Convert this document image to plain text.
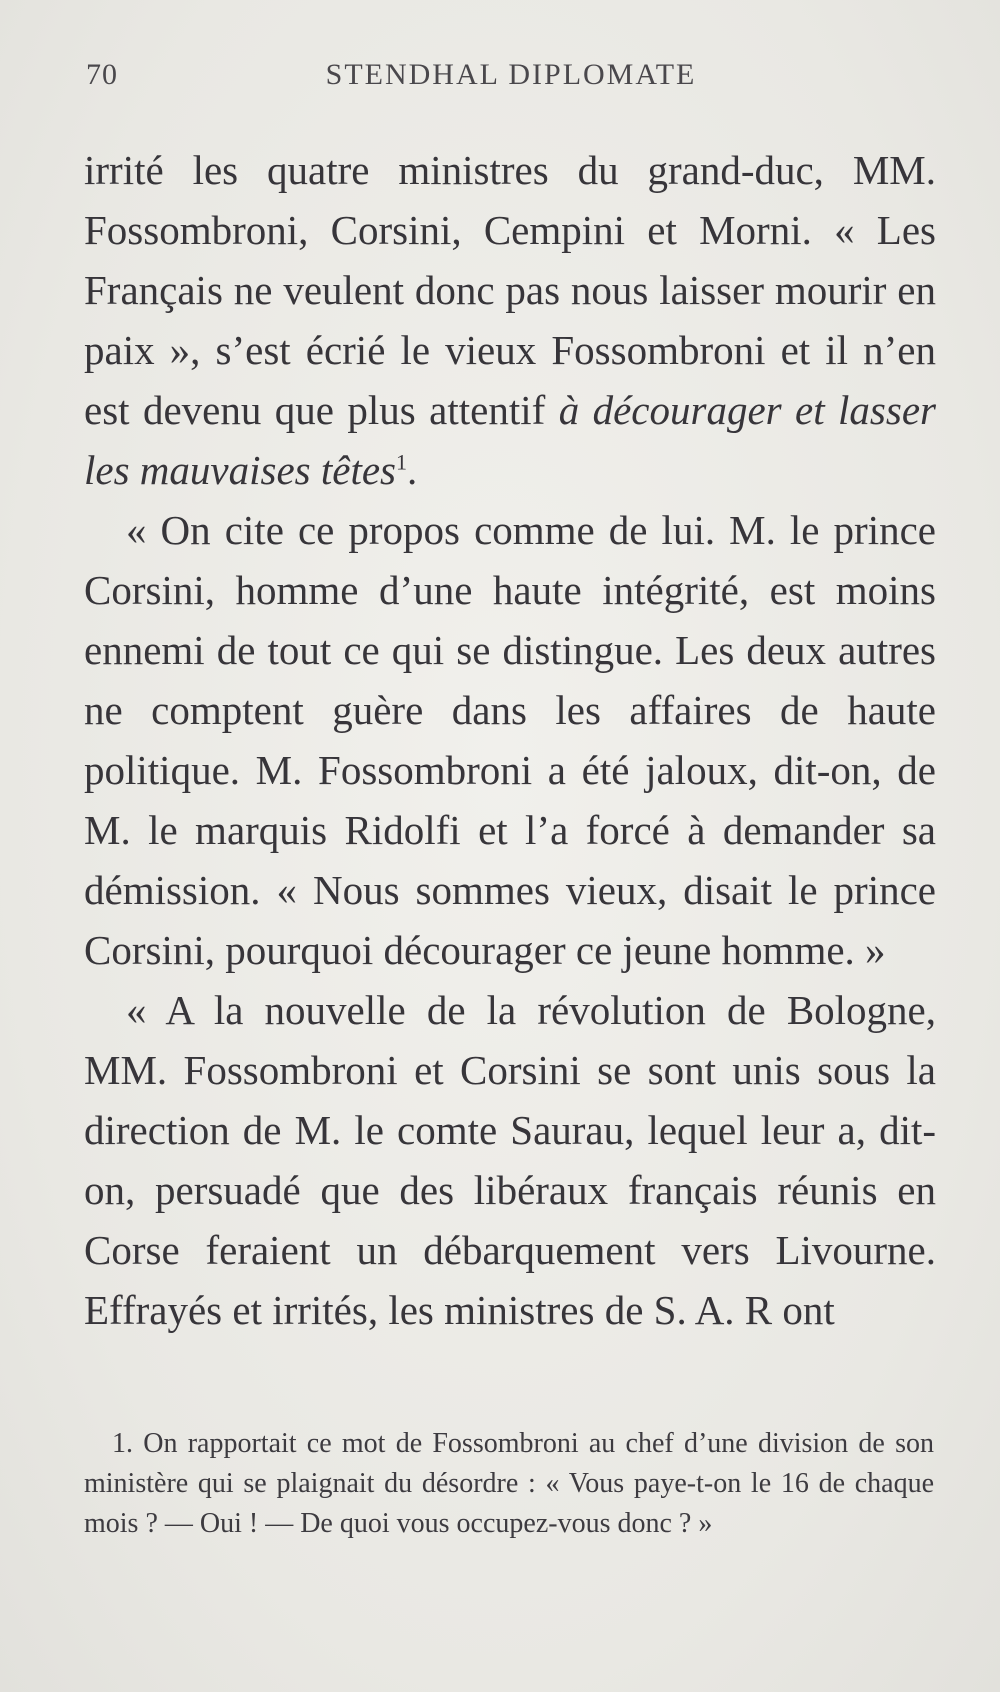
70	STENDHAL DIPLOMATE

irrité les quatre ministres du grand-duc, MM. Fossombroni, Corsini, Cempini et Morni. « Les Français ne veulent donc pas nous laisser mourir en paix », s’est écrié le vieux Fossombroni et il n’en est devenu que plus attentif à décourager et lasser les mauvaises têtes$^1$.

« On cite ce propos comme de lui. M. le prince Corsini, homme d’une haute intégrité, est moins ennemi de tout ce qui se distingue. Les deux autres ne comptent guère dans les affaires de haute politique. M. Fossombroni a été jaloux, dit-on, de M. le marquis Ridolfi et l’a forcé à demander sa démission. « Nous sommes vieux, disait le prince Corsini, pourquoi décourager ce jeune homme. »

« A la nouvelle de la révolution de Bologne, MM. Fossombroni et Corsini se sont unis sous la direction de M. le comte Saurau, lequel leur a, dit-on, persuadé que des libéraux français réunis en Corse feraient un débarquement vers Livourne. Effrayés et irrités, les ministres de S. A. R ont

1. On rapportait ce mot de Fossombroni au chef d’une division de son ministère qui se plaignait du désordre : « Vous paye-t-on le 16 de chaque mois ? — Oui ! — De quoi vous occupez-vous donc ? »
